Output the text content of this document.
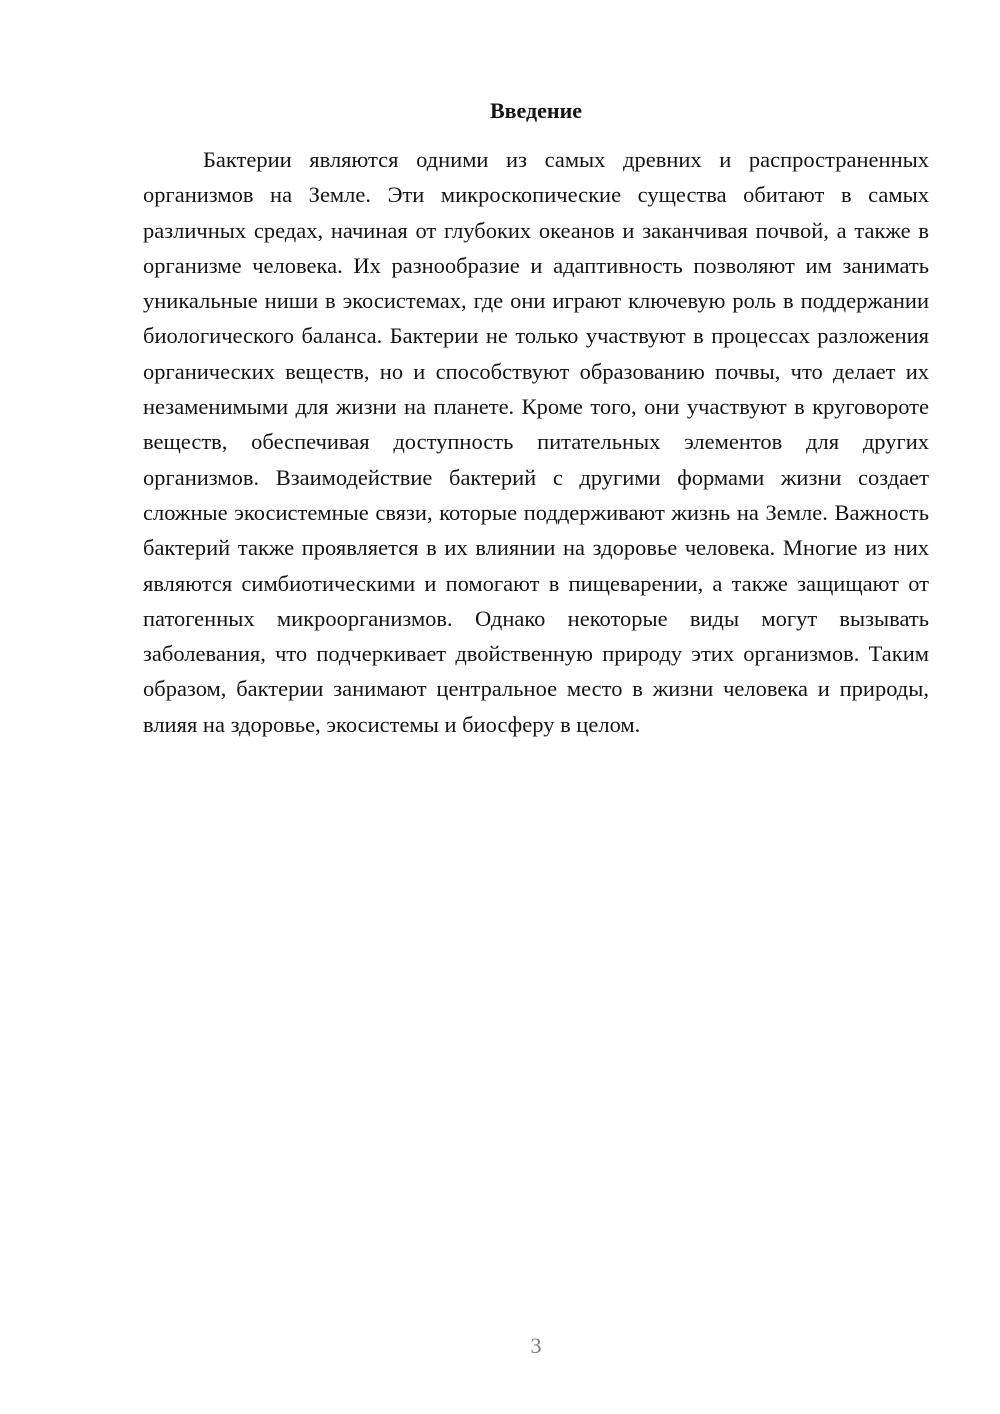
Введение

Бактерии являются одними из самых древних и распространенных организмов на Земле. Эти микроскопические существа обитают в самых различных средах, начиная от глубоких океанов и заканчивая почвой, а также в организме человека. Их разнообразие и адаптивность позволяют им занимать уникальные ниши в экосистемах, где они играют ключевую роль в поддержании биологического баланса. Бактерии не только участвуют в процессах разложения органических веществ, но и способствуют образованию почвы, что делает их незаменимыми для жизни на планете. Кроме того, они участвуют в круговороте веществ, обеспечивая доступность питательных элементов для других организмов. Взаимодействие бактерий с другими формами жизни создает сложные экосистемные связи, которые поддерживают жизнь на Земле. Важность бактерий также проявляется в их влиянии на здоровье человека. Многие из них являются симбиотическими и помогают в пищеварении, а также защищают от патогенных микроорганизмов. Однако некоторые виды могут вызывать заболевания, что подчеркивает двойственную природу этих организмов. Таким образом, бактерии занимают центральное место в жизни человека и природы, влияя на здоровье, экосистемы и биосферу в целом.

3
